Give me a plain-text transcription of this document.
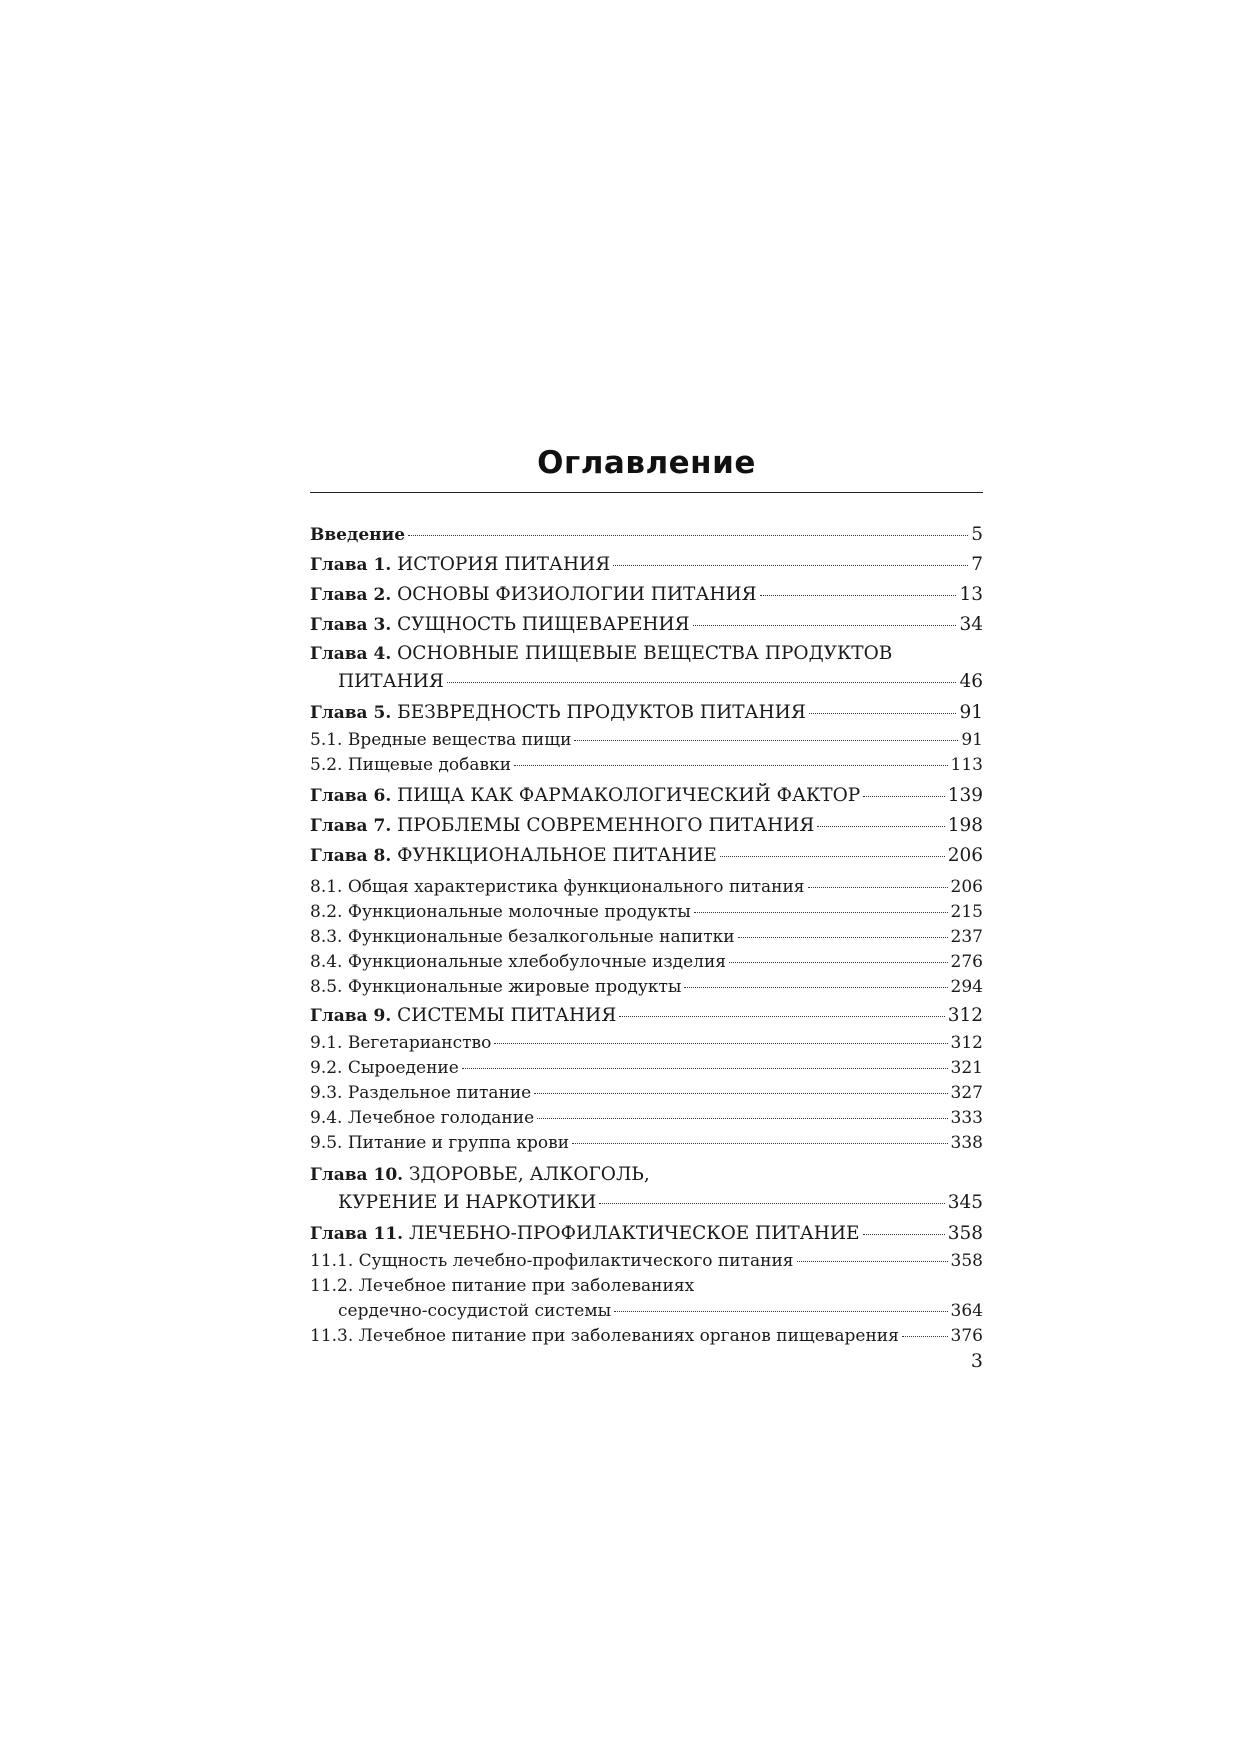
Оглавление
Введение	5
Глава 1. ИСТОРИЯ ПИТАНИЯ	7
Глава 2. ОСНОВЫ ФИЗИОЛОГИИ ПИТАНИЯ	13
Глава 3. СУЩНОСТЬ ПИЩЕВАРЕНИЯ	34
Глава 4. ОСНОВНЫЕ ПИЩЕВЫЕ ВЕЩЕСТВА ПРОДУКТОВ
ПИТАНИЯ	46
Глава 5. БЕЗВРЕДНОСТЬ ПРОДУКТОВ ПИТАНИЯ	91
5.1. Вредные вещества пищи	91
5.2. Пищевые добавки	113
Глава 6. ПИЩА КАК ФАРМАКОЛОГИЧЕСКИЙ ФАКТОР	139
Глава 7. ПРОБЛЕМЫ СОВРЕМЕННОГО ПИТАНИЯ	198
Глава 8. ФУНКЦИОНАЛЬНОЕ ПИТАНИЕ	206
8.1. Общая характеристика функционального питания	206
8.2. Функциональные молочные продукты	215
8.3. Функциональные безалкогольные напитки	237
8.4. Функциональные хлебобулочные изделия	276
8.5. Функциональные жировые продукты	294
Глава 9. СИСТЕМЫ ПИТАНИЯ	312
9.1. Вегетарианство	312
9.2. Сыроедение	321
9.3. Раздельное питание	327
9.4. Лечебное голодание	333
9.5. Питание и группа крови	338
Глава 10. ЗДОРОВЬЕ, АЛКОГОЛЬ,
КУРЕНИЕ И НАРКОТИКИ	345
Глава 11. ЛЕЧЕБНО-ПРОФИЛАКТИЧЕСКОЕ ПИТАНИЕ	358
11.1. Сущность лечебно-профилактического питания	358
11.2. Лечебное питание при заболеваниях
сердечно-сосудистой системы	364
11.3. Лечебное питание при заболеваниях органов пищеварения	376
3
